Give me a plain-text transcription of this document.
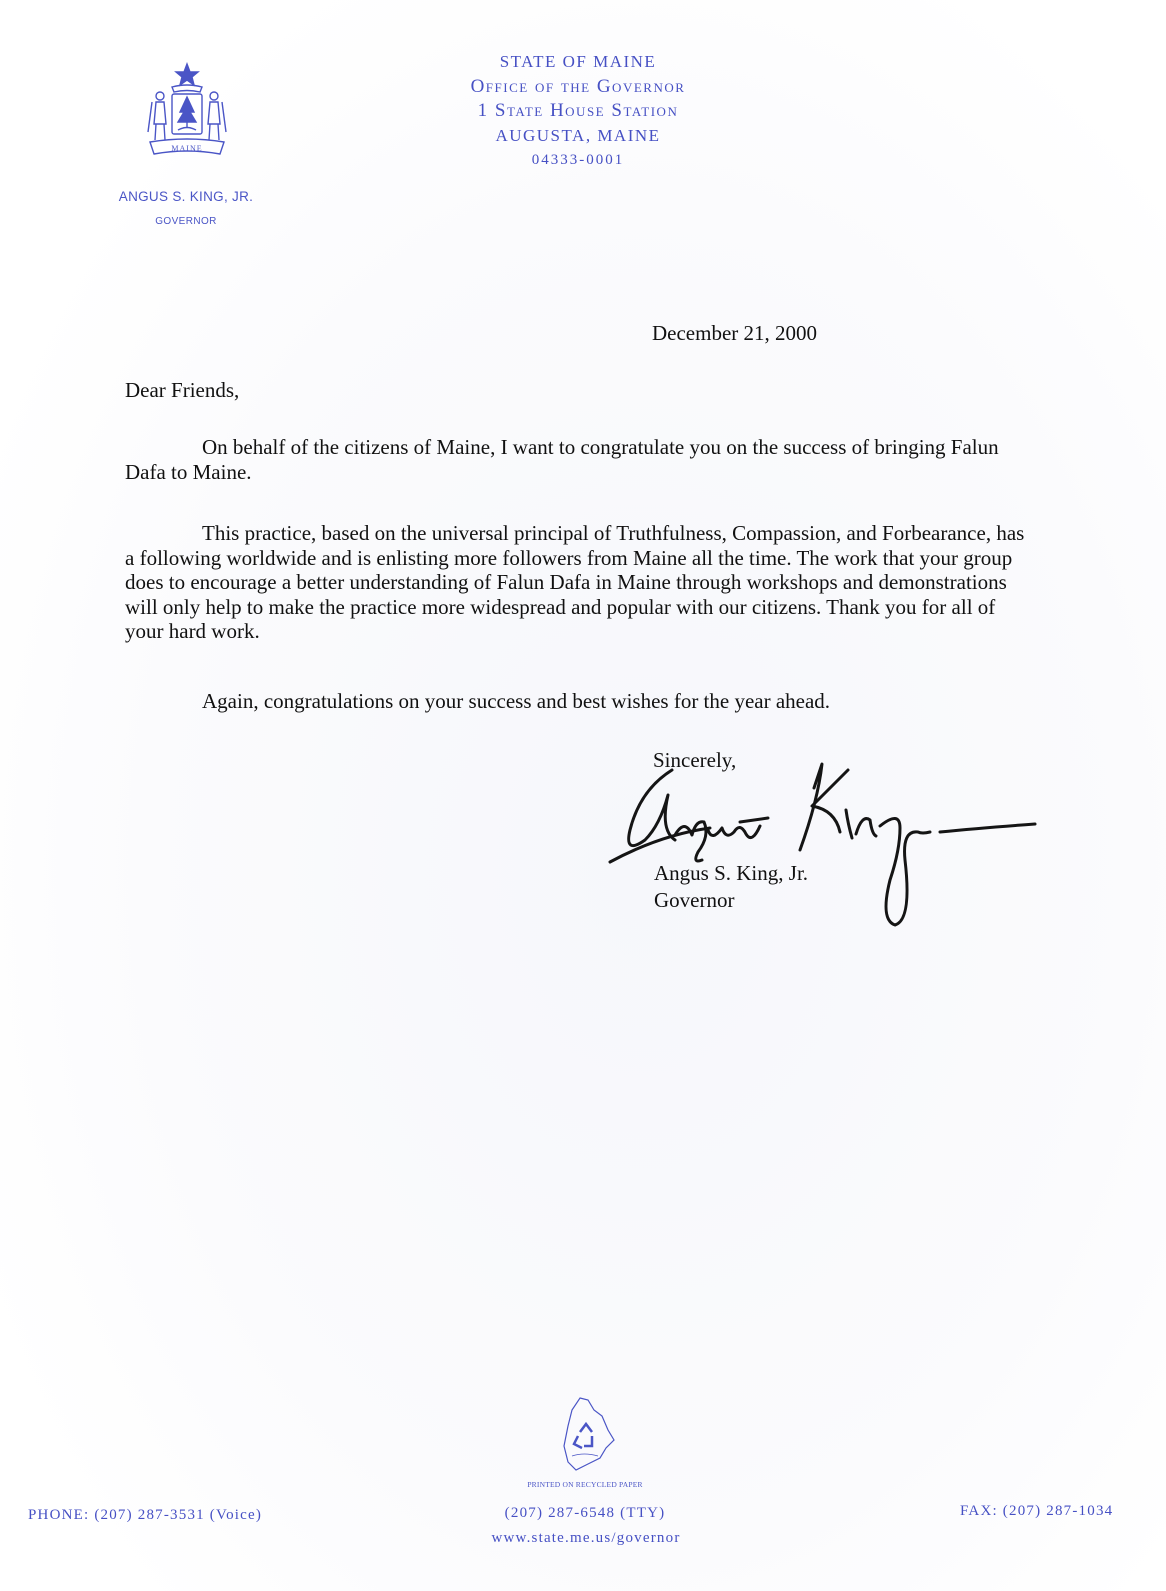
MAINE
ANGUS S. KING, JR.
GOVERNOR
STATE OF MAINE
Office of the Governor
1 State House Station
AUGUSTA, MAINE
04333-0001
December 21, 2000
Dear Friends,

On behalf of the citizens of Maine, I want to congratulate you on the success of bringing Falun Dafa to Maine.

This practice, based on the universal principal of Truthfulness, Compassion, and Forbearance, has a following worldwide and is enlisting more followers from Maine all the time. The work that your group does to encourage a better understanding of Falun Dafa in Maine through workshops and demonstrations will only help to make the practice more widespread and popular with our citizens. Thank you for all of your hard work.

Again, congratulations on your success and best wishes for the year ahead.

Sincerely,
Angus S. King, Jr.
Governor
PRINTED ON RECYCLED PAPER
PHONE: (207) 287-3531 (Voice)	(207) 287-6548 (TTY)
www.state.me.us/governor
FAX: (207) 287-1034
